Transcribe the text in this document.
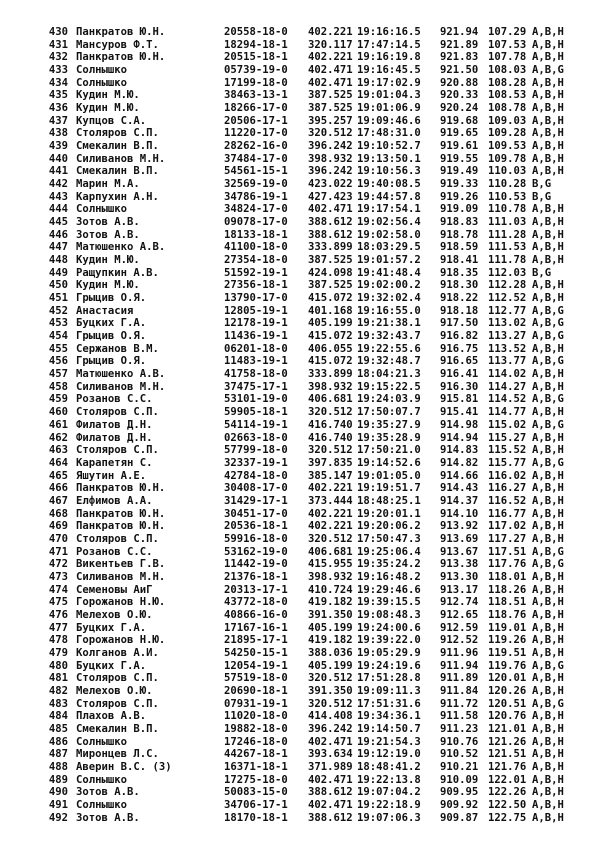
430 Панкратов Ю.Н.	20558-18-0 402.221 19:16:16.5 921.94 107.29 A,B,H
431 Мансуров Ф.Т.	18294-18-1 320.117 17:47:14.5 921.89 107.53 A,B,H
432 Панкратов Ю.Н.	20515-18-1 402.221 19:16:19.8 921.83 107.78 A,B,H
433 Солнышко	05739-19-0 402.471 19:16:45.5 921.50 108.03 A,B,G
434 Солнышко	17199-18-0 402.471 19:17:02.9 920.88 108.28 A,B,H
435 Кудин М.Ю.	38463-13-1 387.525 19:01:04.3 920.33 108.53 A,B,H
436 Кудин М.Ю.	18266-17-0 387.525 19:01:06.9 920.24 108.78 A,B,H
437 Купцов С.А.	20506-17-1 395.257 19:09:46.6 919.68 109.03 A,B,H
438 Столяров С.П.	11220-17-0 320.512 17:48:31.0 919.65 109.28 A,B,H
439 Смекалин В.П.	28262-16-0 396.242 19:10:52.7 919.61 109.53 A,B,H
440 Силиванов М.Н.	37484-17-0 398.932 19:13:50.1 919.55 109.78 A,B,H
441 Смекалин В.П.	54561-15-1 396.242 19:10:56.3 919.49 110.03 A,B,H
442 Марин М.А.	32569-19-0 423.022 19:40:08.5 919.33 110.28 B,G
443 Карпухин А.Н.	34786-19-1 427.423 19:44:57.8 919.26 110.53 B,G
444 Солнышко	34824-17-0 402.471 19:17:54.1 919.09 110.78 A,B,H
445 Зотов А.В.	09078-17-0 388.612 19:02:56.4 918.83 111.03 A,B,H
446 Зотов А.В.	18133-18-1 388.612 19:02:58.0 918.78 111.28 A,B,H
447 Матюшенко А.В.	41100-18-0 333.899 18:03:29.5 918.59 111.53 A,B,H
448 Кудин М.Ю.	27354-18-0 387.525 19:01:57.2 918.41 111.78 A,B,H
449 Ращупкин А.В.	51592-19-1 424.098 19:41:48.4 918.35 112.03 B,G
450 Кудин М.Ю.	27356-18-1 387.525 19:02:00.2 918.30 112.28 A,B,H
451 Грыцив О.Я.	13790-17-0 415.072 19:32:02.4 918.22 112.52 A,B,H
452 Анастасия	12805-19-1 401.168 19:16:55.0 918.18 112.77 A,B,G
453 Буцких Г.А.	12178-19-1 405.199 19:21:38.1 917.50 113.02 A,B,G
454 Грыцив О.Я.	11436-19-1 415.072 19:32:43.7 916.82 113.27 A,B,G
455 Сержанов В.М.	06201-18-0 406.055 19:22:55.6 916.75 113.52 A,B,H
456 Грыцив О.Я.	11483-19-1 415.072 19:32:48.7 916.65 113.77 A,B,G
457 Матюшенко А.В.	41758-18-0 333.899 18:04:21.3 916.41 114.02 A,B,H
458 Силиванов М.Н.	37475-17-1 398.932 19:15:22.5 916.30 114.27 A,B,H
459 Розанов С.С.	53101-19-0 406.681 19:24:03.9 915.81 114.52 A,B,G
460 Столяров С.П.	59905-18-1 320.512 17:50:07.7 915.41 114.77 A,B,H
461 Филатов Д.Н.	54114-19-1 416.740 19:35:27.9 914.98 115.02 A,B,G
462 Филатов Д.Н.	02663-18-0 416.740 19:35:28.9 914.94 115.27 A,B,H
463 Столяров С.П.	57799-18-0 320.512 17:50:21.0 914.83 115.52 A,B,H
464 Карапетян С.	32337-19-1 397.835 19:14:52.6 914.82 115.77 A,B,G
465 Яшутин А.Е.	42784-18-0 385.147 19:01:05.0 914.66 116.02 A,B,H
466 Панкратов Ю.Н.	30408-17-0 402.221 19:19:51.7 914.43 116.27 A,B,H
467 Елфимов А.А.	31429-17-1 373.444 18:48:25.1 914.37 116.52 A,B,H
468 Панкратов Ю.Н.	30451-17-0 402.221 19:20:01.1 914.10 116.77 A,B,H
469 Панкратов Ю.Н.	20536-18-1 402.221 19:20:06.2 913.92 117.02 A,B,H
470 Столяров С.П.	59916-18-0 320.512 17:50:47.3 913.69 117.27 A,B,H
471 Розанов С.С.	53162-19-0 406.681 19:25:06.4 913.67 117.51 A,B,G
472 Викентьев Г.В.	11442-19-0 415.955 19:35:24.2 913.38 117.76 A,B,G
473 Силиванов М.Н.	21376-18-1 398.932 19:16:48.2 913.30 118.01 A,B,H
474 Семеновы АиГ	20313-17-1 410.724 19:29:46.6 913.17 118.26 A,B,H
475 Горожанов Н.Ю.	43772-18-0 419.182 19:39:15.5 912.74 118.51 A,B,H
476 Мелехов О.Ю.	40866-16-0 391.350 19:08:48.3 912.65 118.76 A,B,H
477 Буцких Г.А.	17167-16-1 405.199 19:24:00.6 912.59 119.01 A,B,H
478 Горожанов Н.Ю.	21895-17-1 419.182 19:39:22.0 912.52 119.26 A,B,H
479 Колганов А.И.	54250-15-1 388.036 19:05:29.9 911.96 119.51 A,B,H
480 Буцких Г.А.	12054-19-1 405.199 19:24:19.6 911.94 119.76 A,B,G
481 Столяров С.П.	57519-18-0 320.512 17:51:28.8 911.89 120.01 A,B,H
482 Мелехов О.Ю.	20690-18-1 391.350 19:09:11.3 911.84 120.26 A,B,H
483 Столяров С.П.	07931-19-1 320.512 17:51:31.6 911.72 120.51 A,B,G
484 Плахов А.В.	11020-18-0 414.408 19:34:36.1 911.58 120.76 A,B,H
485 Смекалин В.П.	19882-18-0 396.242 19:14:50.7 911.23 121.01 A,B,H
486 Солнышко	17246-18-0 402.471 19:21:54.3 910.76 121.26 A,B,H
487 Миронцев Л.С.	44267-18-1 393.634 19:12:19.0 910.52 121.51 A,B,H
488 Аверин В.С. (3)	16371-18-1 371.989 18:48:41.2 910.21 121.76 A,B,H
489 Солнышко	17275-18-0 402.471 19:22:13.8 910.09 122.01 A,B,H
490 Зотов А.В.	50083-15-0 388.612 19:07:04.2 909.95 122.26 A,B,H
491 Солнышко	34706-17-1 402.471 19:22:18.9 909.92 122.50 A,B,H
492 Зотов А.В.	18170-18-1 388.612 19:07:06.3 909.87 122.75 A,B,H
